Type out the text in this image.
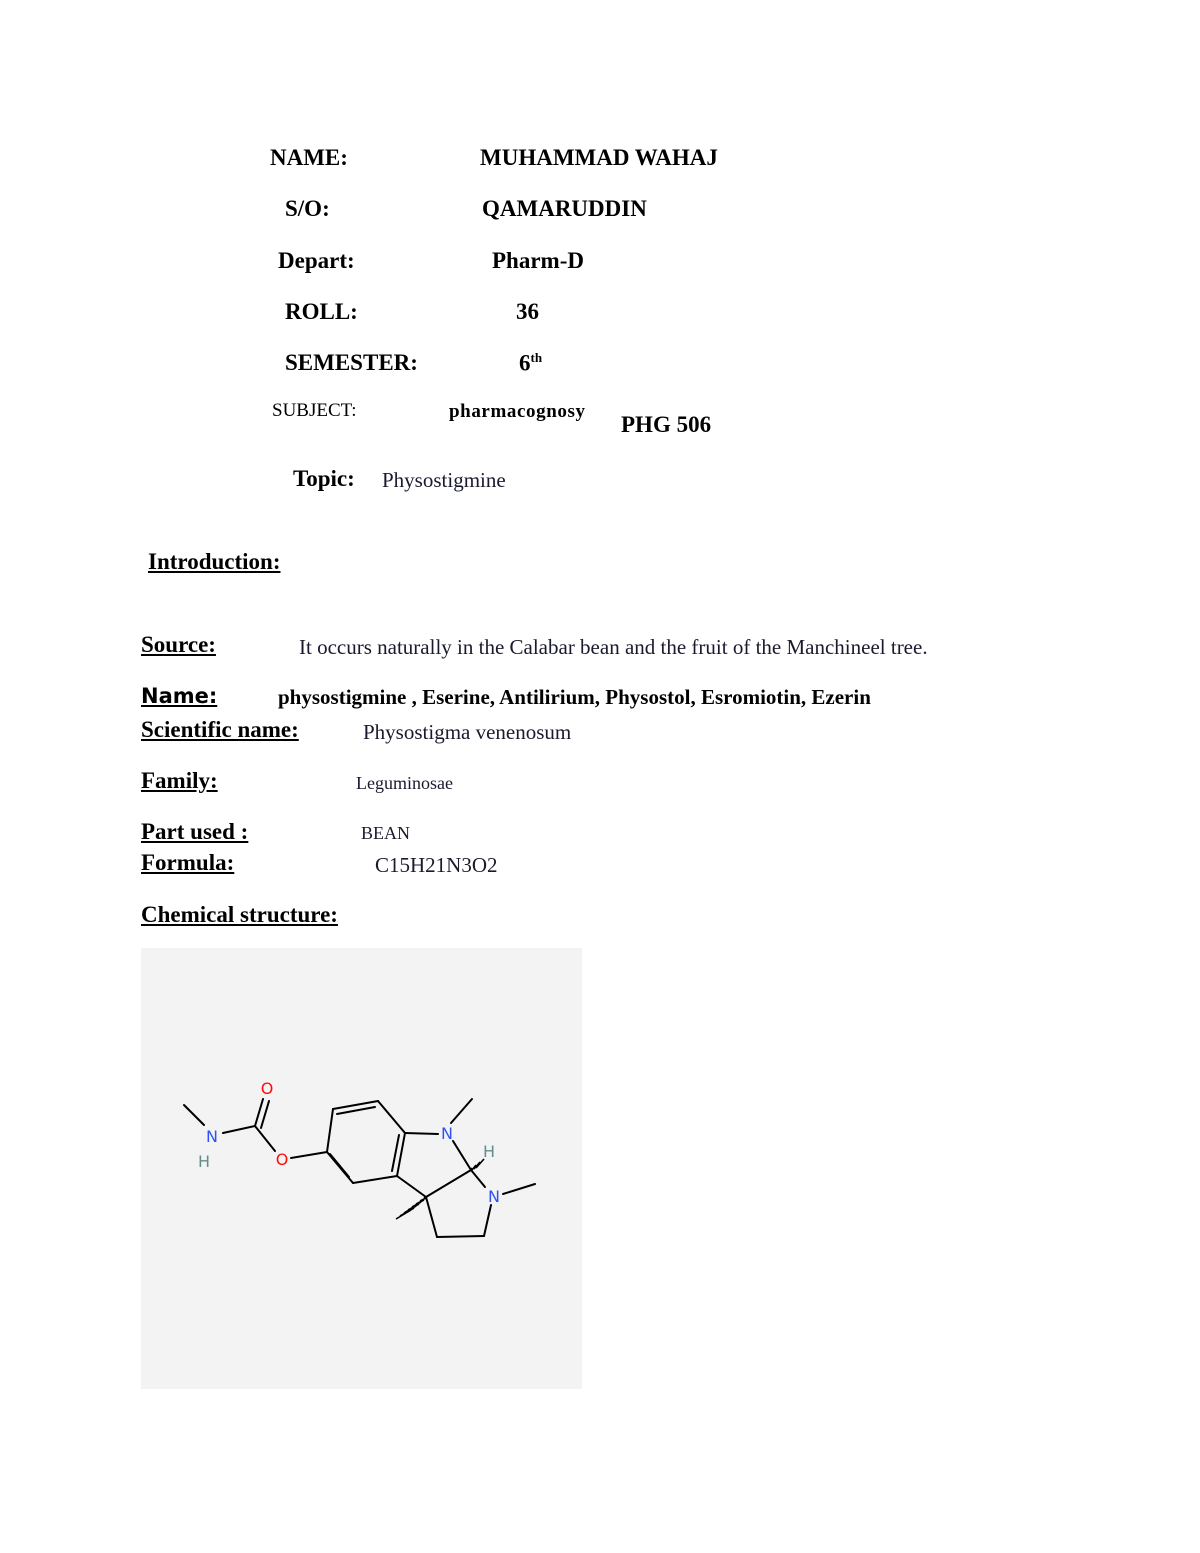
NAME:	MUHAMMAD WAHAJ
S/O:	QAMARUDDIN
Depart:	Pharm-D
ROLL:	36
SEMESTER:	6th
SUBJECT:	pharmacognosy
PHG 506
Topic: Physostigmine
Introduction:
Source:	It occurs naturally in the Calabar bean and the fruit of the Manchineel tree.
Name:	physostigmine , Eserine, Antilirium, Physostol, Esromiotin, Ezerin
Scientific name:	Physostigma venenosum
Family:	Leguminosae
Part used :	BEAN
Formula:	C15H21N3O2
Chemical structure:
O
N
H	O
N
H
N
